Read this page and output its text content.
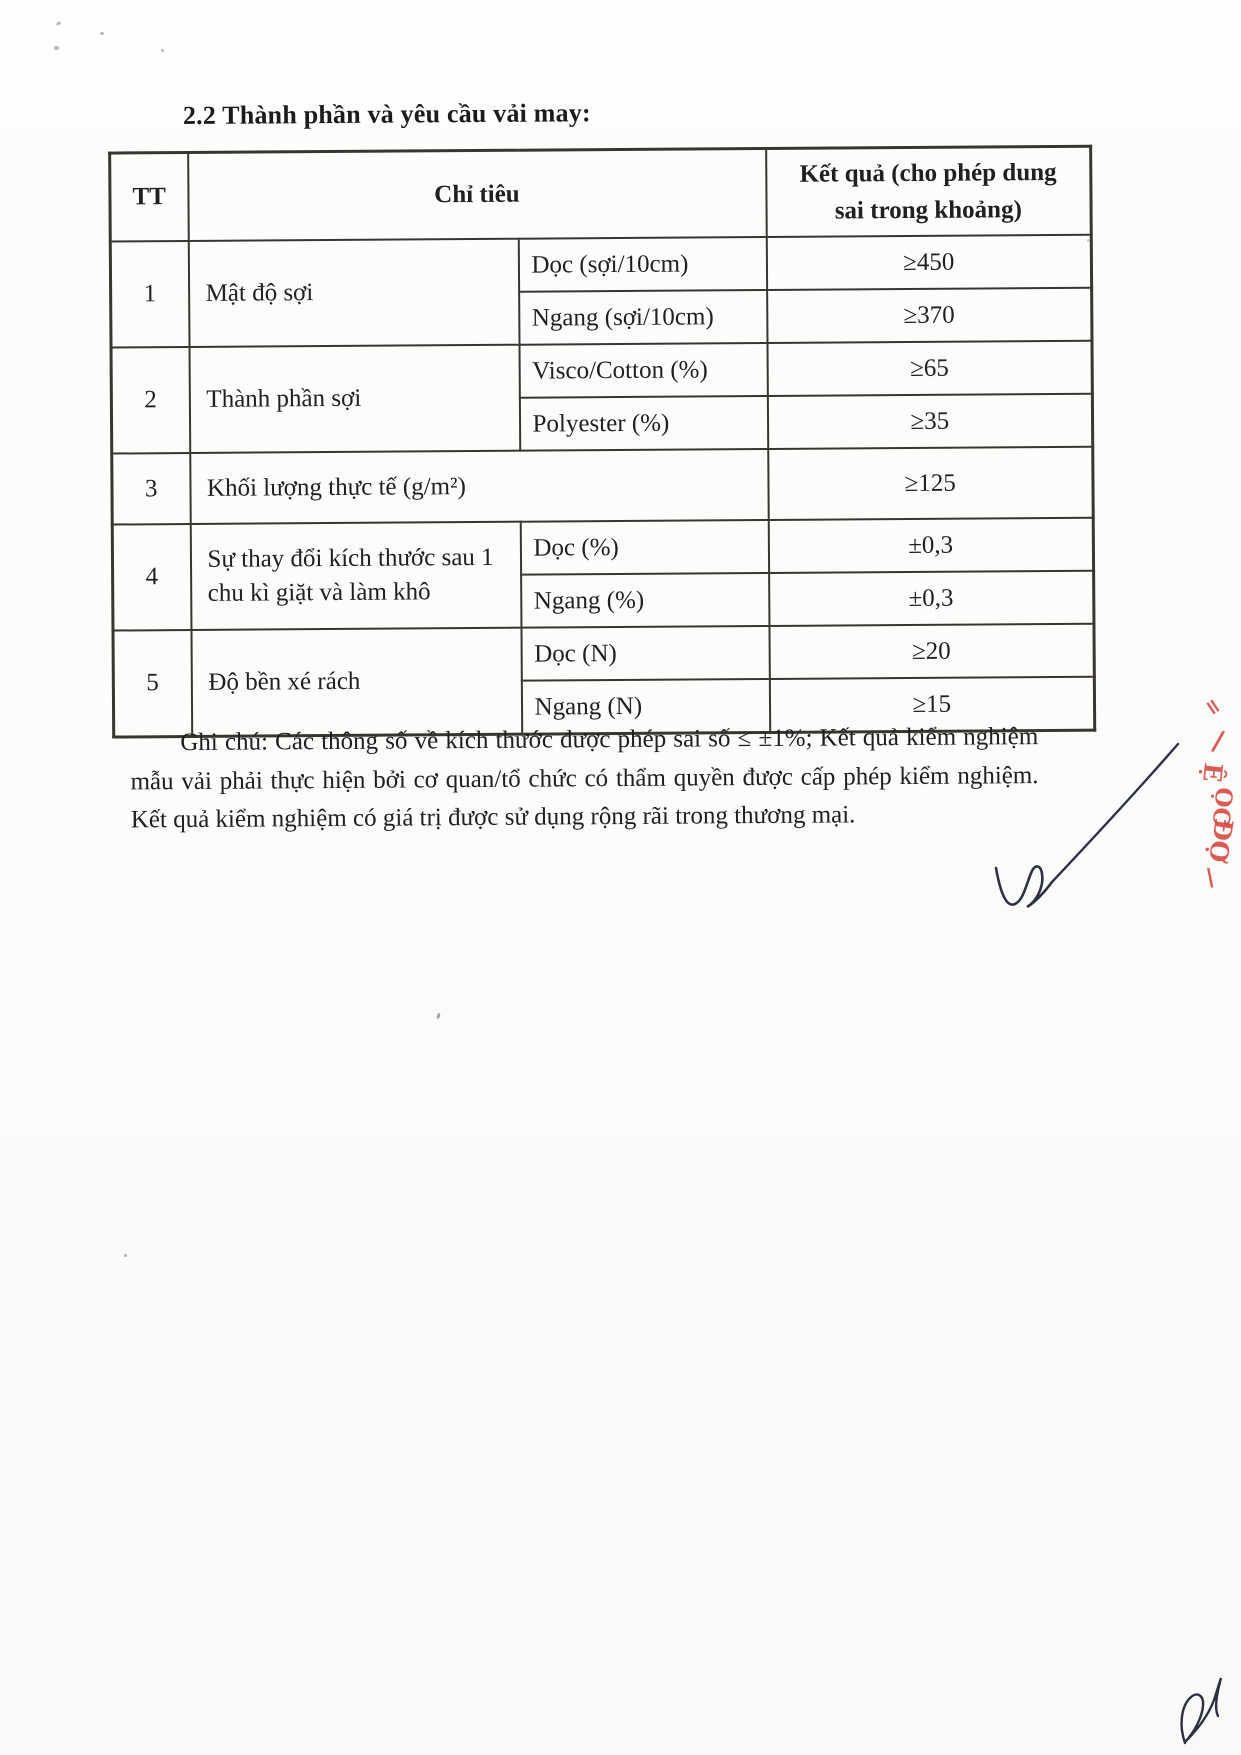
2.2 Thành phần và yêu cầu vải may:
TT	Chỉ tiêu		Kết quả (cho phép dung sai trong khoảng)
1	Mật độ sợi	Dọc (sợi/10cm)	≥450
		Ngang (sợi/10cm)	≥370
2	Thành phần sợi	Visco/Cotton (%)	≥65
		Polyester (%)	≥35
3	Khối lượng thực tế (g/m²)		≥125
4	Sự thay đổi kích thước sau 1 chu kì giặt và làm khô	Dọc (%)	±0,3
		Ngang (%)	±0,3
5	Độ bền xé rách	Dọc (N)	≥20
		Ngang (N)	≥15

Ghi chú: Các thông số về kích thước được phép sai số ≤ ±1%; Kết quả kiểm nghiệm mẫu vải phải thực hiện bởi cơ quan/tổ chức có thẩm quyền được cấp phép kiểm nghiệm. Kết quả kiểm nghiệm có giá trị được sử dụng rộng rãi trong thương mại.

=
/
Ệ
ỌC
ĐỢ
\
